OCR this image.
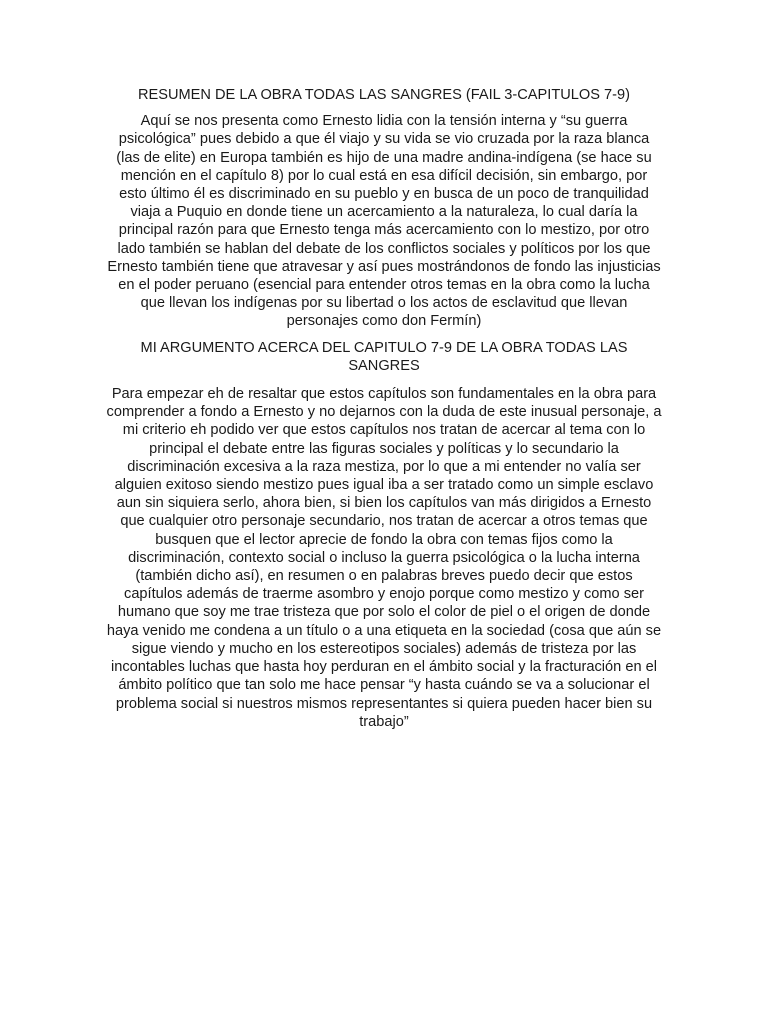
RESUMEN DE LA OBRA TODAS LAS SANGRES (FAIL 3-CAPITULOS 7-9)

Aquí se nos presenta como Ernesto lidia con la tensión interna y “su guerra psicológica” pues debido a que él viajo y su vida se vio cruzada por la raza blanca (las de elite) en Europa también es hijo de una madre andina-indígena (se hace su mención en el capítulo 8) por lo cual está en esa difícil decisión, sin embargo, por esto último él es discriminado en su pueblo y en busca de un poco de tranquilidad viaja a Puquio en donde tiene un acercamiento a la naturaleza, lo cual daría la principal razón para que Ernesto tenga más acercamiento con lo mestizo, por otro lado también se hablan del debate de los conflictos sociales y políticos por los que Ernesto también tiene que atravesar y así pues mostrándonos de fondo las injusticias en el poder peruano (esencial para entender otros temas en la obra como la lucha que llevan los indígenas por su libertad o los actos de esclavitud que llevan personajes como don Fermín)

MI ARGUMENTO ACERCA DEL CAPITULO 7-9 DE LA OBRA TODAS LAS SANGRES

Para empezar eh de resaltar que estos capítulos son fundamentales en la obra para comprender a fondo a Ernesto y no dejarnos con la duda de este inusual personaje, a mi criterio eh podido ver que estos capítulos nos tratan de acercar al tema con lo principal el debate entre las figuras sociales y políticas y lo secundario la discriminación excesiva a la raza mestiza, por lo que a mi entender no valía ser alguien exitoso siendo mestizo pues igual iba a ser tratado como un simple esclavo aun sin siquiera serlo, ahora bien, si bien los capítulos van más dirigidos a Ernesto que cualquier otro personaje secundario, nos tratan de acercar a otros temas que busquen que el lector aprecie de fondo la obra con temas fijos como la discriminación, contexto social o incluso la guerra psicológica o la lucha interna (también dicho así), en resumen o en palabras breves puedo decir que estos capítulos además de traerme asombro y enojo porque como mestizo y como ser humano que soy me trae tristeza que por solo el color de piel o el origen de donde haya venido me condena a un título o a una etiqueta en la sociedad (cosa que aún se sigue viendo y mucho en los estereotipos sociales) además de tristeza por las incontables luchas que hasta hoy perduran en el ámbito social y la fracturación en el ámbito político que tan solo me hace pensar “y hasta cuándo se va a solucionar el problema social si nuestros mismos representantes si quiera pueden hacer bien su trabajo”
